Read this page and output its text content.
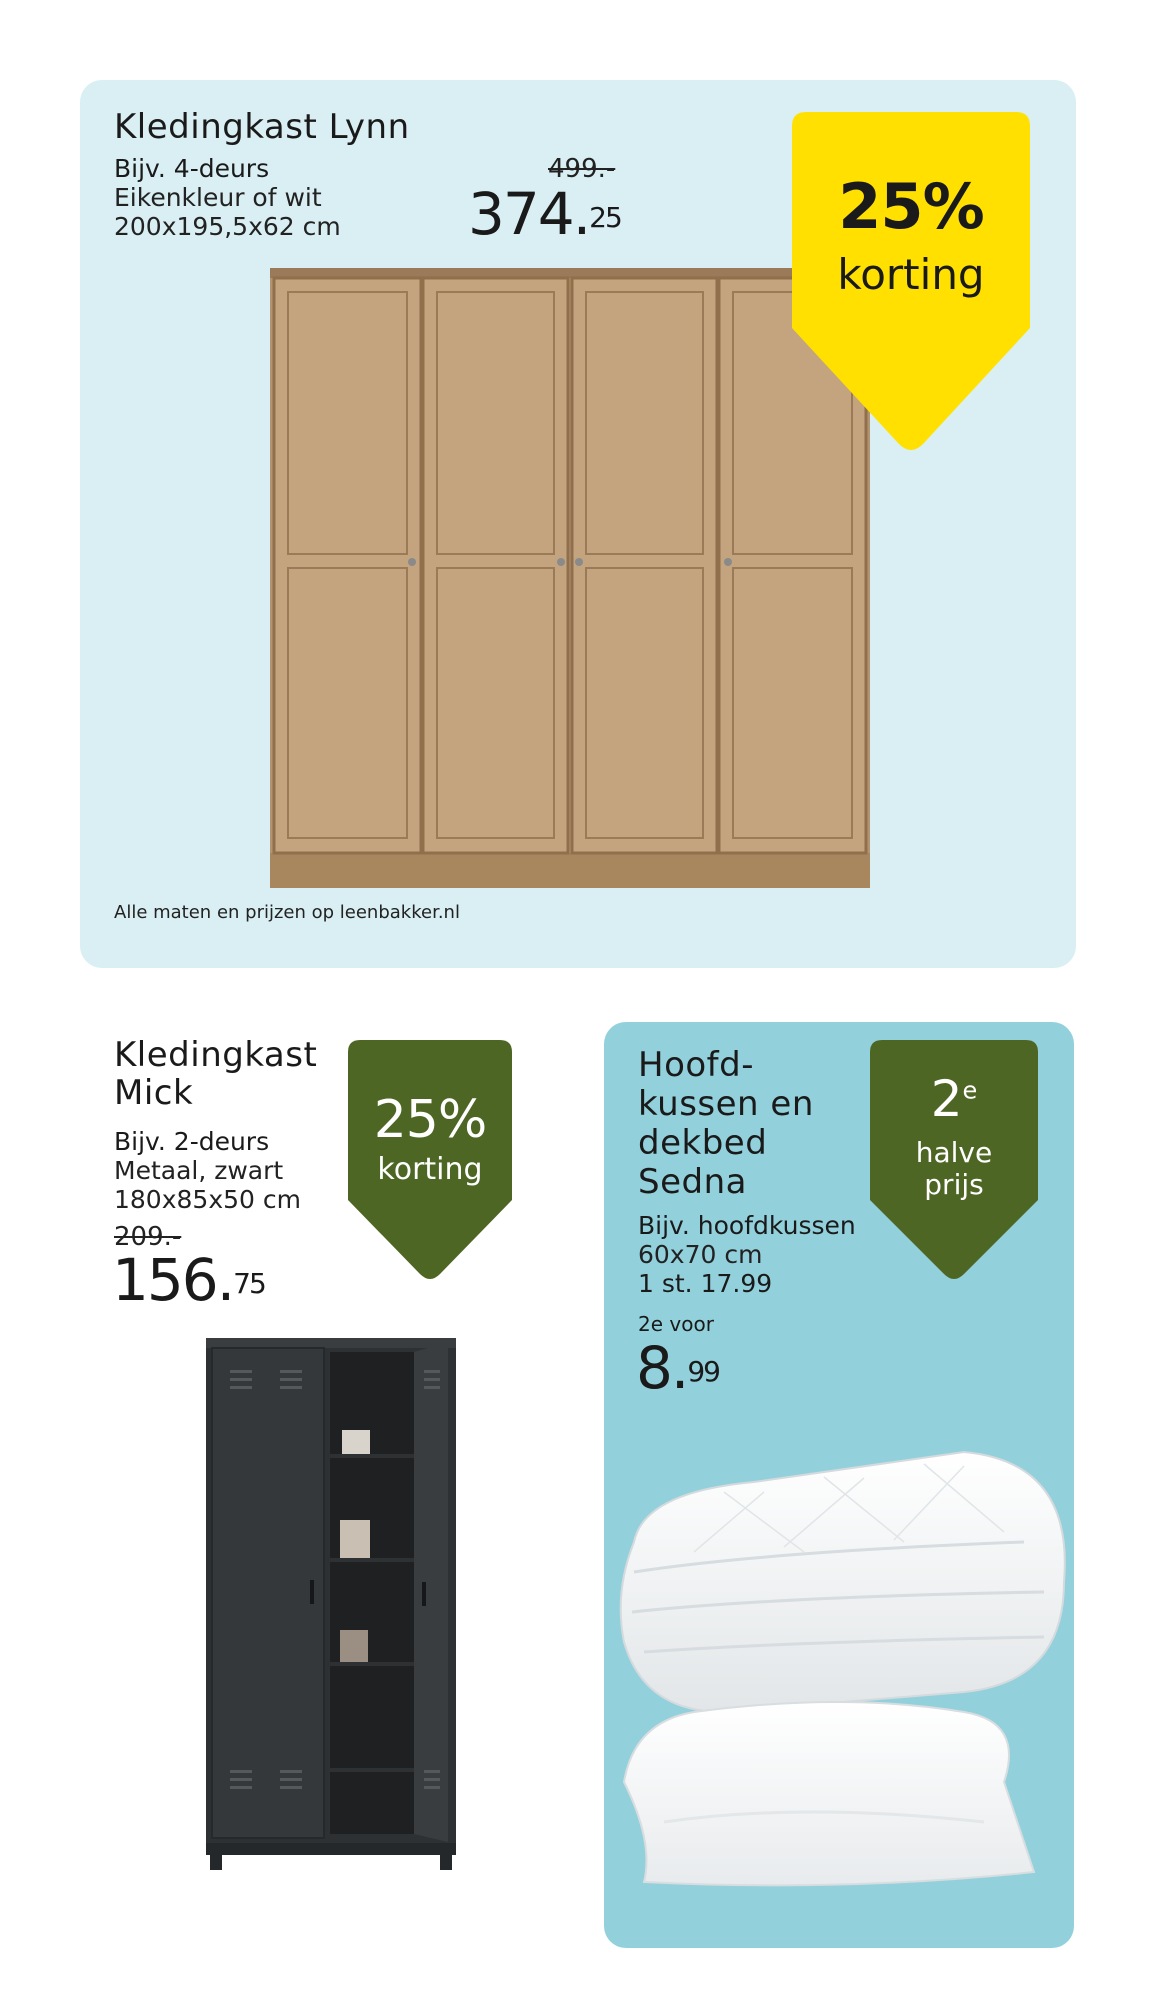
Kledingkast Lynn
Bijv. 4-deurs
Eikenkleur of wit
200x195,5x62 cm
499.-
374.25	25%
korting
Alle maten en prijzen op leenbakker.nl
Kledingkast
Mick
Bijv. 2-deurs
Metaal, zwart
180x85x50 cm
209.-
156.75
25%
korting
Hoofd-
kussen en
dekbed
Sedna
Bijv. hoofdkussen
60x70 cm
1 st. 17.99
2e voor
8.99
2e
halve
prijs
